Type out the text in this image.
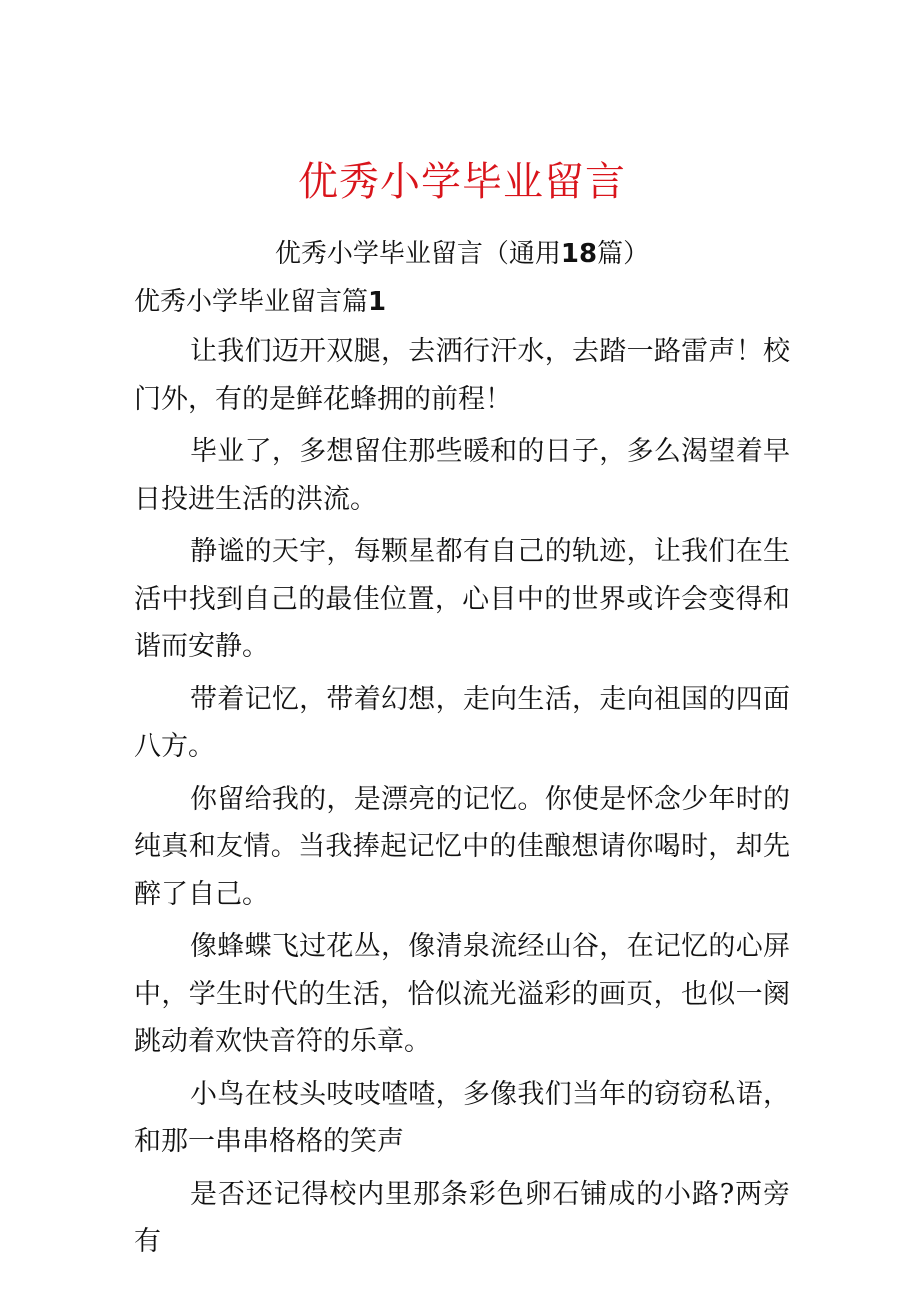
优秀小学毕业留言
优秀小学毕业留言（通用18篇）
优秀小学毕业留言篇1

让我们迈开双腿，去洒行汗水，去踏一路雷声！校门外，有的是鲜花蜂拥的前程！

毕业了，多想留住那些暖和的日子，多么渴望着早日投进生活的洪流。

静谧的天宇，每颗星都有自己的轨迹，让我们在生活中找到自己的最佳位置，心目中的世界或许会变得和谐而安静。

带着记忆，带着幻想，走向生活，走向祖国的四面八方。

你留给我的，是漂亮的记忆。你使是怀念少年时的纯真和友情。当我捧起记忆中的佳酿想请你喝时，却先醉了自己。

像蜂蝶飞过花丛，像清泉流经山谷，在记忆的心屏中，学生时代的生活，恰似流光溢彩的画页，也似一阕跳动着欢快音符的乐章。

小鸟在枝头吱吱喳喳，多像我们当年的窃窃私语，和那一串串格格的笑声

是否还记得校内里那条彩色卵石铺成的小路?两旁有
